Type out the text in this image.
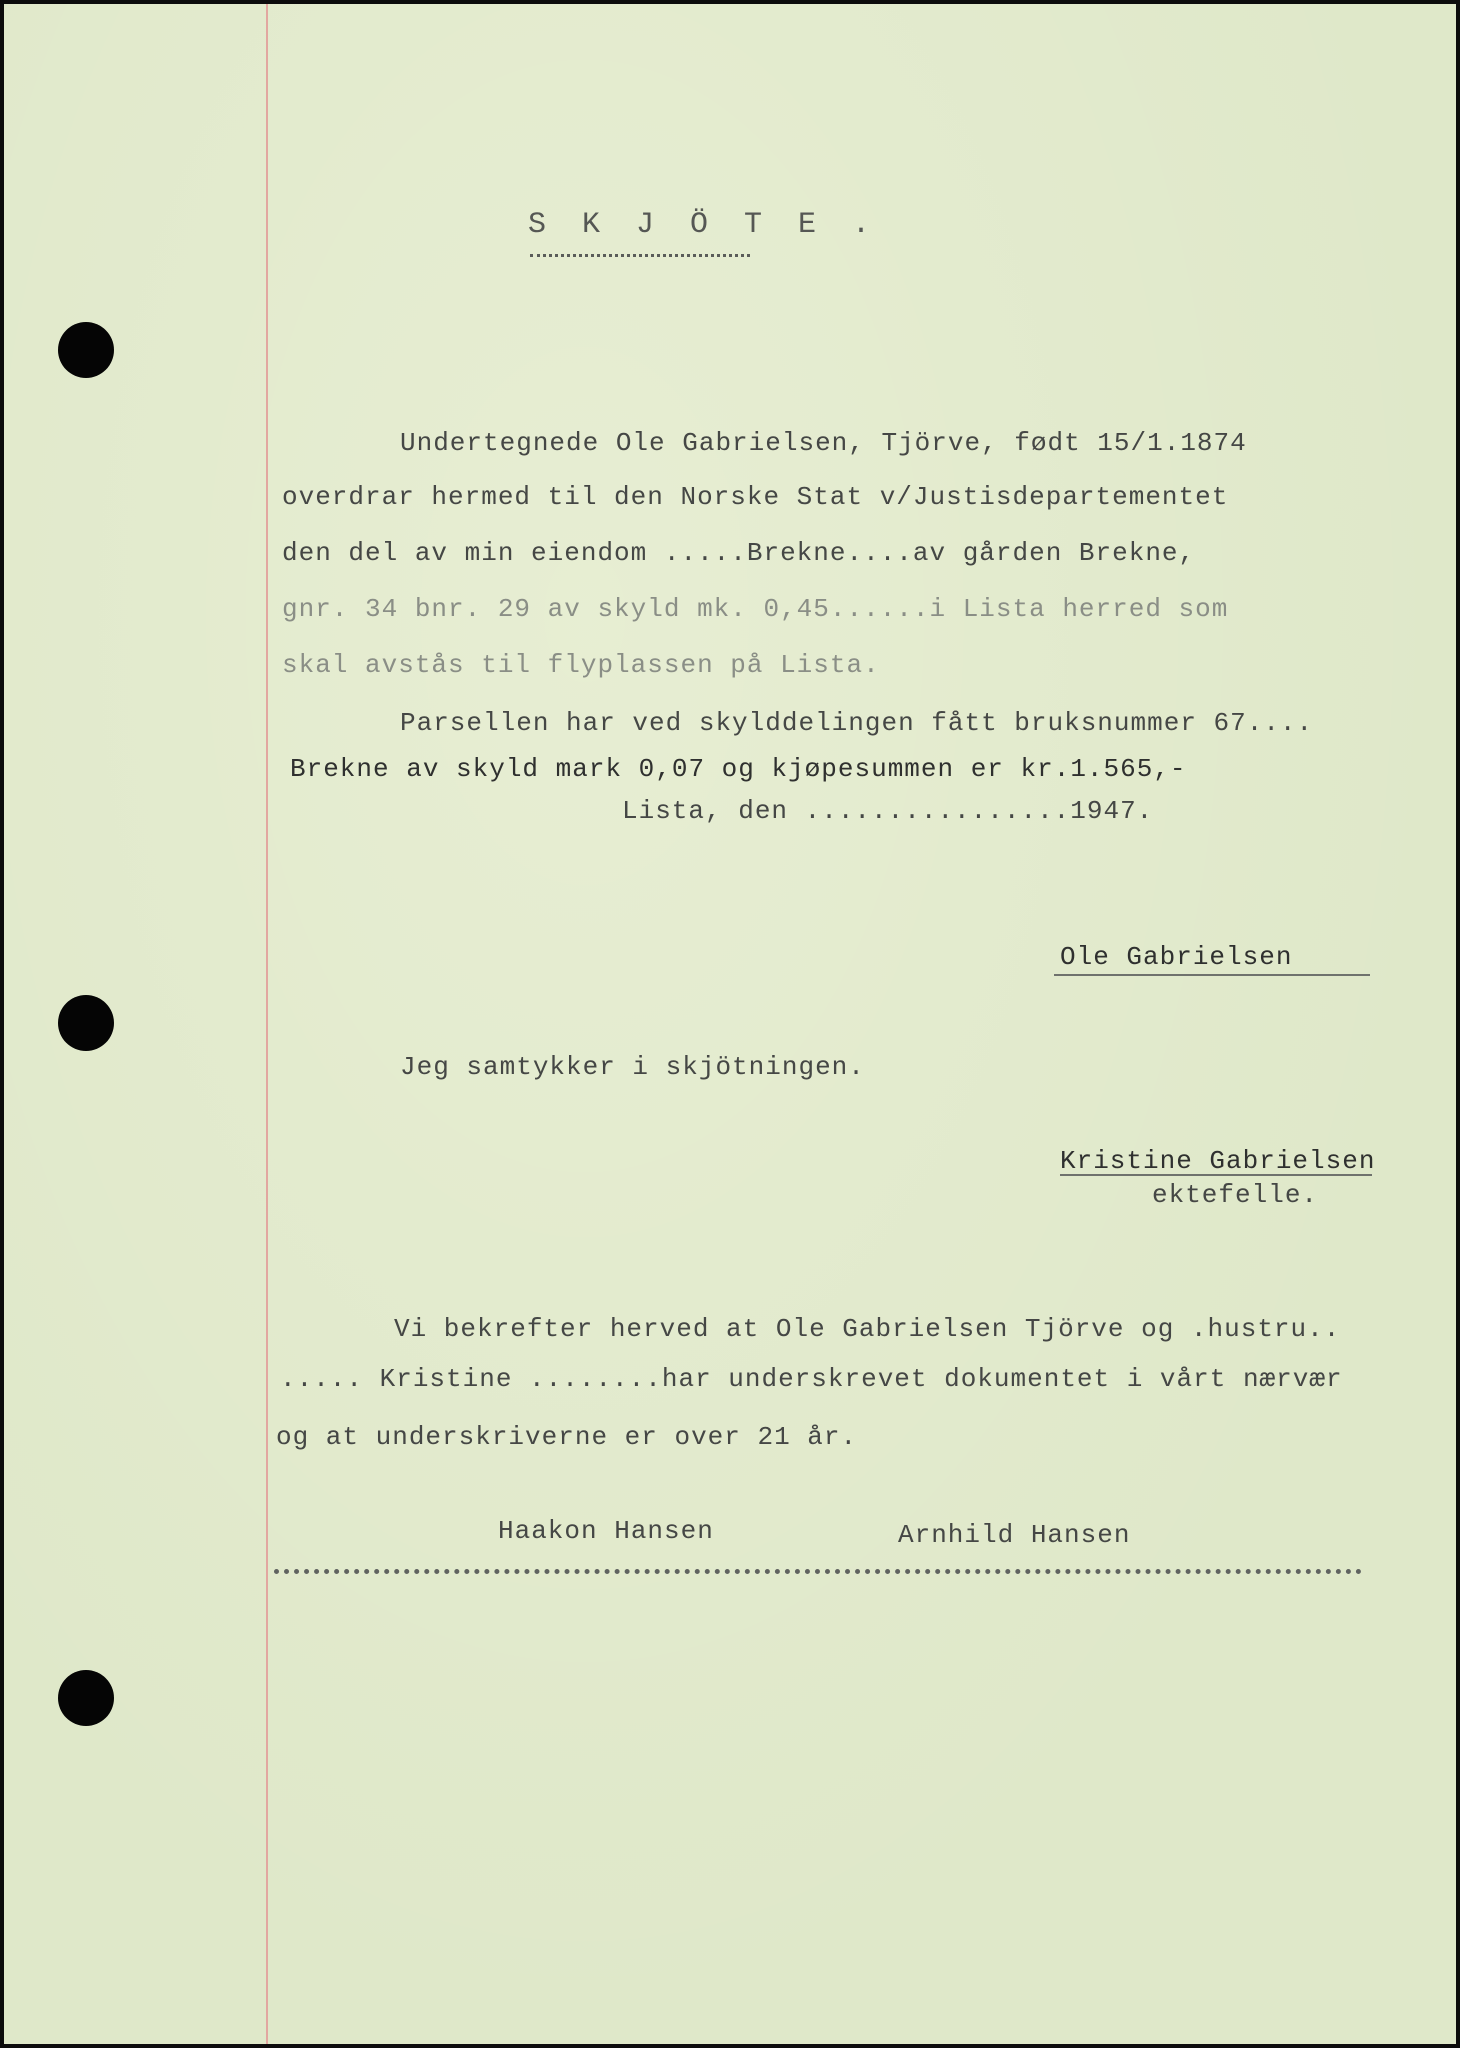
S K J Ö T E .
Undertegnede Ole Gabrielsen, Tjörve, født 15/1.1874
overdrar hermed til den Norske Stat v/Justisdepartementet
den del av min eiendom .....Brekne....av gården Brekne,
gnr. 34 bnr. 29 av skyld mk. 0,45......i Lista herred som
skal avstås til flyplassen på Lista.
Parsellen har ved skylddelingen fått bruksnummer 67....
Brekne av skyld mark 0,07 og kjøpesummen er kr.1.565,-
Lista, den ................1947.
Ole Gabrielsen
Jeg samtykker i skjötningen.
Kristine Gabrielsen
ektefelle.
Vi bekrefter herved at Ole Gabrielsen Tjörve og .hustru..
..... Kristine ........har underskrevet dokumentet i vårt nærvær
og at underskriverne er over 21 år.
Haakon Hansen	Arnhild Hansen
